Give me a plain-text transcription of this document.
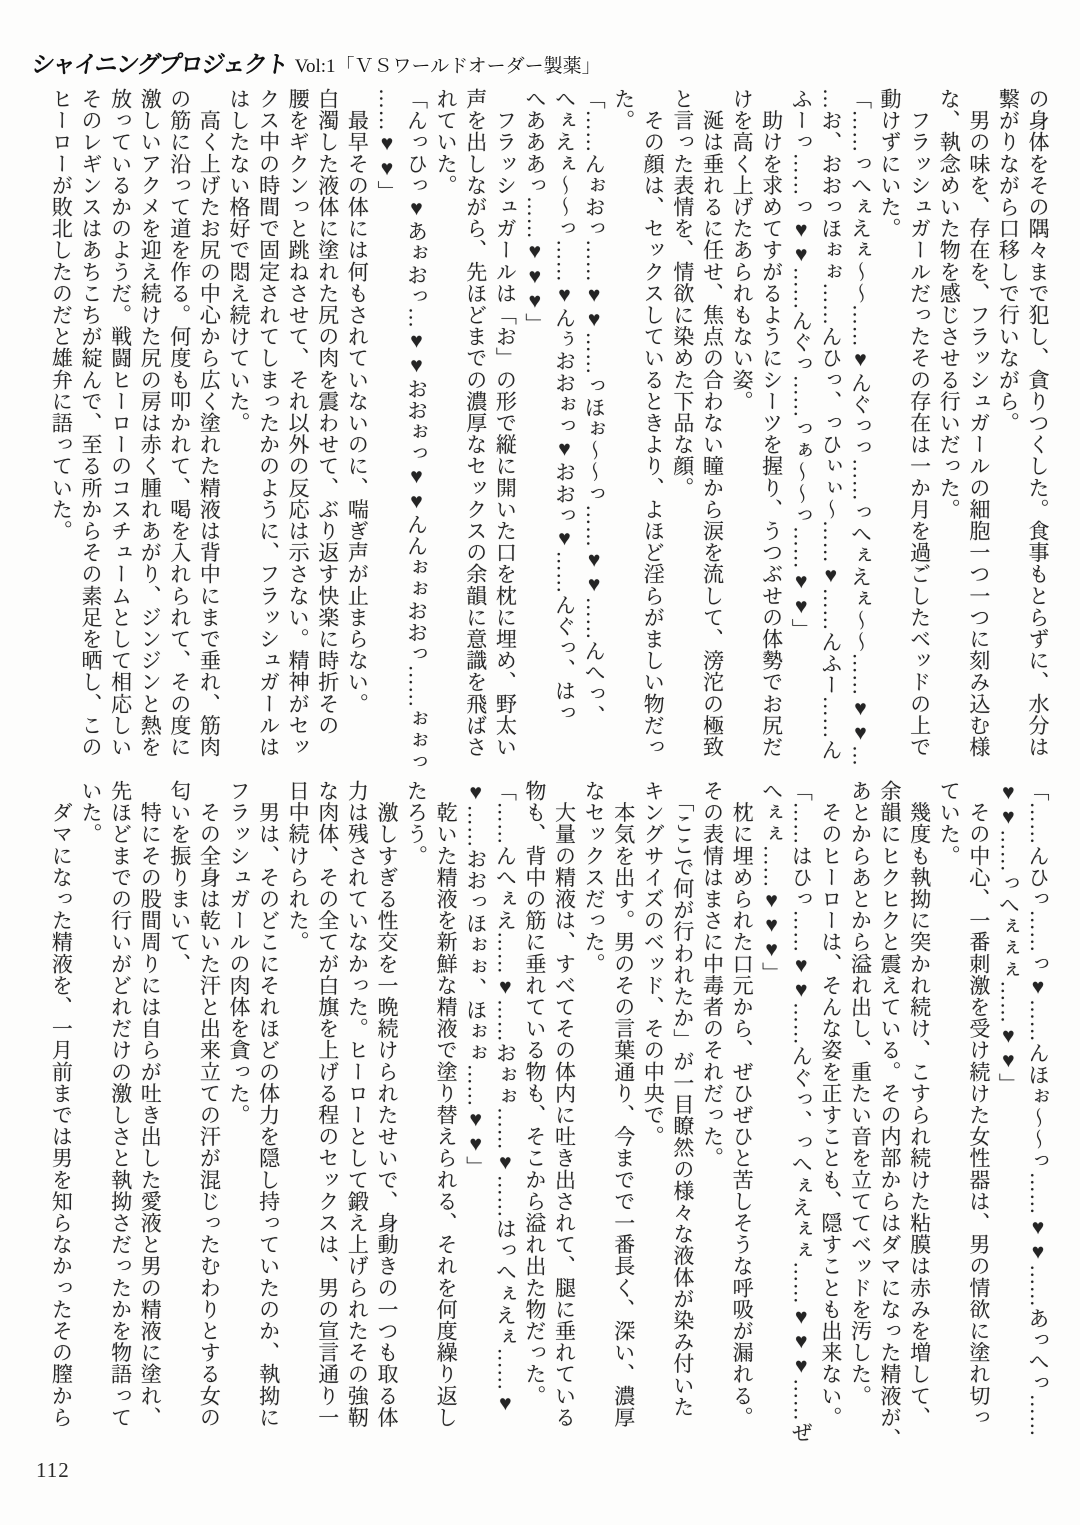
シャイニングプロジェクト Vol:1「ＶＳワールドオーダー製薬」

の身体をその隅々まで犯し、貪りつくした。食事もとらずに、水分は

繋がりながら口移しで行いながら。

　男の味を、存在を、フラッシュガールの細胞一つ一つに刻み込む様

な、執念めいた物を感じさせる行いだった。

　フラッシュガールだったその存在は一か月を過ごしたベッドの上で

動けずにいた。

「……っへぇえぇ～～……♥んぐっっ……っへぇえぇ～～……♥♥…

…お、おおっほぉぉ……んひっ、っひぃぃ～……♥……んふー……ん

ふーっ……っ♥♥……んぐっ……っぁ～～っ……♥♥」

　助けを求めてすがるようにシーツを握り、うつぶせの体勢でお尻だ

けを高く上げたあられもない姿。

　涎は垂れるに任せ、焦点の合わない瞳から涙を流して、滂沱の極致

と言った表情を、情欲に染めた下品な顔。

　その顔は、セックスしているときより、よほど淫らがましい物だっ

た。

「……んぉおっ……♥♥……っほぉ～～っ……♥♥……んへっ、

へぇえぇ～～っ……♥んぅおおぉっ♥おおっ♥……んぐっ、はっ

へあああっ……♥♥♥」

　フラッシュガールは「お」の形で縦に開いた口を枕に埋め、野太い

声を出しながら、先ほどまでの濃厚なセックスの余韻に意識を飛ばさ

れていた。

「んっひっ♥あぉおっ…♥♥おおぉっ♥♥んんぉぉおおっ……ぉぉっ

……♥♥」

　最早その体には何もされていないのに、喘ぎ声が止まらない。

白濁した液体に塗れた尻の肉を震わせて、ぶり返す快楽に時折その

腰をギクンっと跳ねさせて、それ以外の反応は示さない。精神がセッ

クス中の時間で固定されてしまったかのように、フラッシュガールは

はしたない格好で悶え続けていた。

　高く上げたお尻の中心から広く塗れた精液は背中にまで垂れ、筋肉

の筋に沿って道を作る。何度も叩かれて、喝を入れられて、その度に

激しいアクメを迎え続けた尻の房は赤く腫れあがり、ジンジンと熱を

放っているかのようだ。戦闘ヒーローのコスチュームとして相応しい

そのレギンスはあちこちが綻んで、至る所からその素足を晒し、この

ヒーローが敗北したのだと雄弁に語っていた。

「……んひっ……っ♥……んほぉ～～っ……♥♥……あっへっ……

♥♥……っへぇぇぇ……♥♥」

　その中心、一番刺激を受け続けた女性器は、男の情欲に塗れ切っ

ていた。

　幾度も執拗に突かれ続け、こすられ続けた粘膜は赤みを増して、

余韻にヒクヒクと震えている。その内部からはダマになった精液が、

あとからあとから溢れ出し、重たい音を立ててベッドを汚した。

　そのヒーローは、そんな姿を正すことも、隠すことも出来ない。

「……はひっ……♥♥……んぐっ、っへぇえぇぇ……♥♥♥……ぜ

へぇぇ……♥♥♥」

　枕に埋められた口元から、ぜひぜひと苦しそうな呼吸が漏れる。

その表情はまさに中毒者のそれだった。

　「ここで何が行われたか」が一目瞭然の様々な液体が染み付いた

キングサイズのベッド、その中央で。

　本気を出す。男のその言葉通り、今までで一番長く、深い、濃厚

なセックスだった。

　大量の精液は、すべてその体内に吐き出されて、腿に垂れている

物も、背中の筋に垂れている物も、そこから溢れ出た物だった。

「……んへぇえ……♥……おぉぉ……♥……はっへぇえぇ……♥

♥……おおっほぉぉ、ほぉぉ……♥♥」

　乾いた精液を新鮮な精液で塗り替えられる、それを何度繰り返し

たろう。

　激しすぎる性交を一晩続けられたせいで、身動きの一つも取る体

力は残されていなかった。ヒーローとして鍛え上げられたその強靭

な肉体、その全てが白旗を上げる程のセックスは、男の宣言通り一

日中続けられた。

　男は、そのどこにそれほどの体力を隠し持っていたのか、執拗に

フラッシュガールの肉体を貪った。

　その全身は乾いた汗と出来立ての汗が混じったむわりとする女の

匂いを振りまいて、

　特にその股間周りには自らが吐き出した愛液と男の精液に塗れ、

先ほどまでの行いがどれだけの激しさと執拗さだったかを物語って

いた。

　ダマになった精液を、一月前までは男を知らなかったその膣から

112
